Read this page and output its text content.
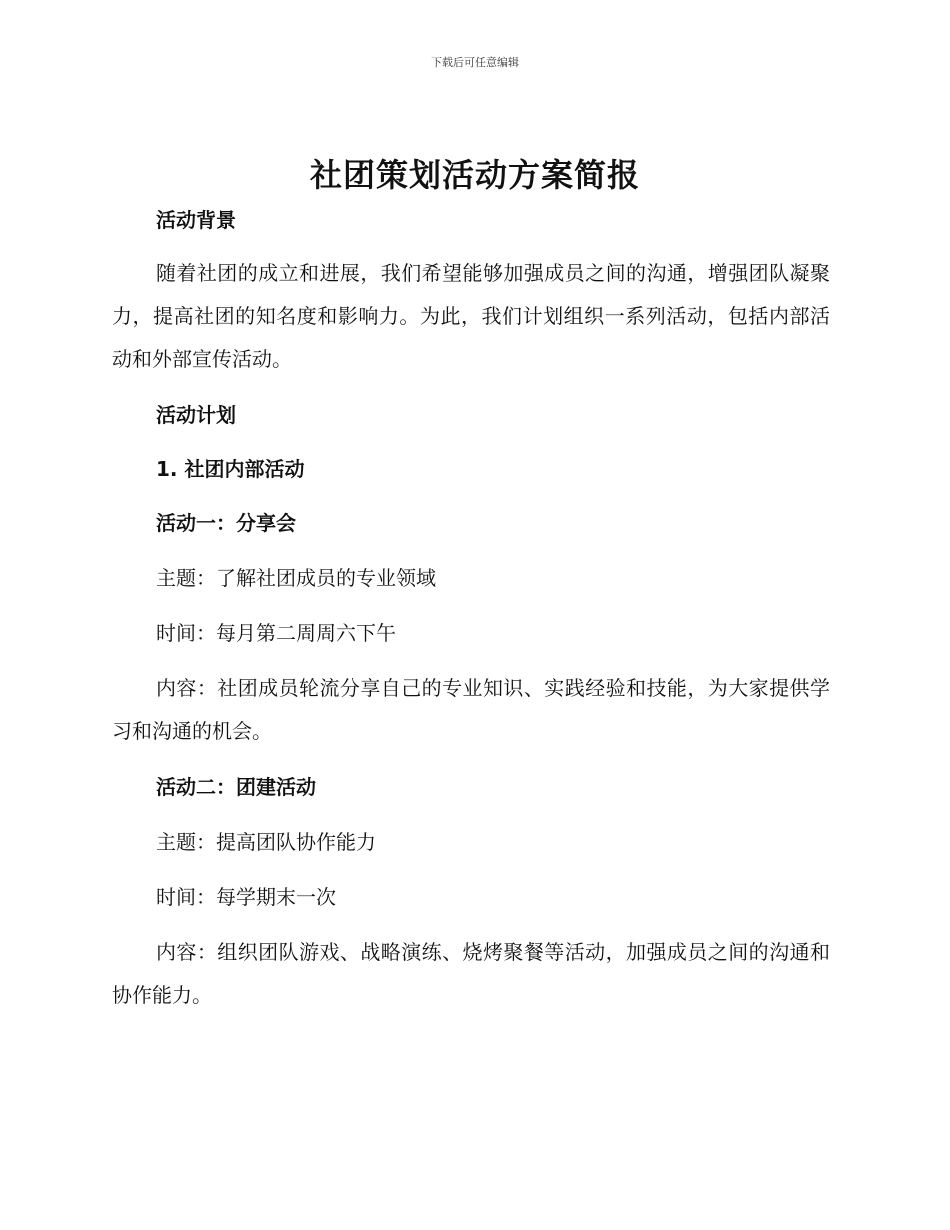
下载后可任意编辑
社团策划活动方案简报

活动背景

随着社团的成立和进展，我们希望能够加强成员之间的沟通，增强团队凝聚力，提高社团的知名度和影响力。为此，我们计划组织一系列活动，包括内部活动和外部宣传活动。

活动计划

1. 社团内部活动

活动一：分享会

主题：了解社团成员的专业领域

时间：每月第二周周六下午

内容：社团成员轮流分享自己的专业知识、实践经验和技能，为大家提供学习和沟通的机会。

活动二：团建活动

主题：提高团队协作能力

时间：每学期末一次

内容：组织团队游戏、战略演练、烧烤聚餐等活动，加强成员之间的沟通和协作能力。
